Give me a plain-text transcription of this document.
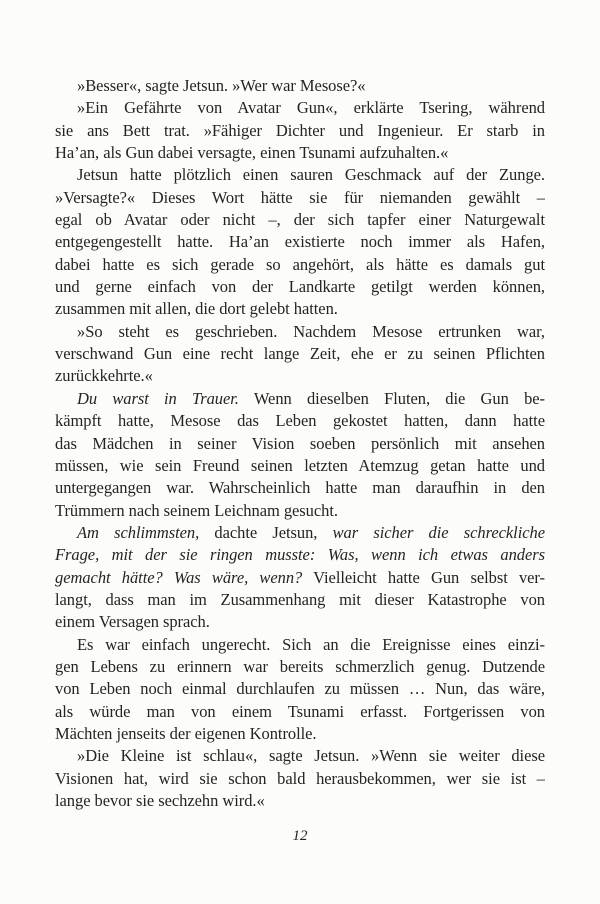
»Besser«, sagte Jetsun. »Wer war Mesose?«
»Ein Gefährte von Avatar Gun«, erklärte Tsering, während
sie ans Bett trat. »Fähiger Dichter und Ingenieur. Er starb in
Ha’an, als Gun dabei versagte, einen Tsunami aufzuhalten.«
Jetsun hatte plötzlich einen sauren Geschmack auf der Zunge.
»Versagte?« Dieses Wort hätte sie für niemanden gewählt –
egal ob Avatar oder nicht –, der sich tapfer einer Naturgewalt
entgegengestellt hatte. Ha’an existierte noch immer als Hafen,
dabei hatte es sich gerade so angehört, als hätte es damals gut
und gerne einfach von der Landkarte getilgt werden können,
zusammen mit allen, die dort gelebt hatten.
»So steht es geschrieben. Nachdem Mesose ertrunken war,
verschwand Gun eine recht lange Zeit, ehe er zu seinen Pflichten
zurückkehrte.«
Du warst in Trauer. Wenn dieselben Fluten, die Gun be-
kämpft hatte, Mesose das Leben gekostet hatten, dann hatte
das Mädchen in seiner Vision soeben persönlich mit ansehen
müssen, wie sein Freund seinen letzten Atemzug getan hatte und
untergegangen war. Wahrscheinlich hatte man daraufhin in den
Trümmern nach seinem Leichnam gesucht.
Am schlimmsten, dachte Jetsun, war sicher die schreckliche
Frage, mit der sie ringen musste: Was, wenn ich etwas anders
gemacht hätte? Was wäre, wenn? Vielleicht hatte Gun selbst ver-
langt, dass man im Zusammenhang mit dieser Katastrophe von
einem Versagen sprach.
Es war einfach ungerecht. Sich an die Ereignisse eines einzi-
gen Lebens zu erinnern war bereits schmerzlich genug. Dutzende
von Leben noch einmal durchlaufen zu müssen … Nun, das wäre,
als würde man von einem Tsunami erfasst. Fortgerissen von
Mächten jenseits der eigenen Kontrolle.
»Die Kleine ist schlau«, sagte Jetsun. »Wenn sie weiter diese
Visionen hat, wird sie schon bald herausbekommen, wer sie ist –
lange bevor sie sechzehn wird.«
12
